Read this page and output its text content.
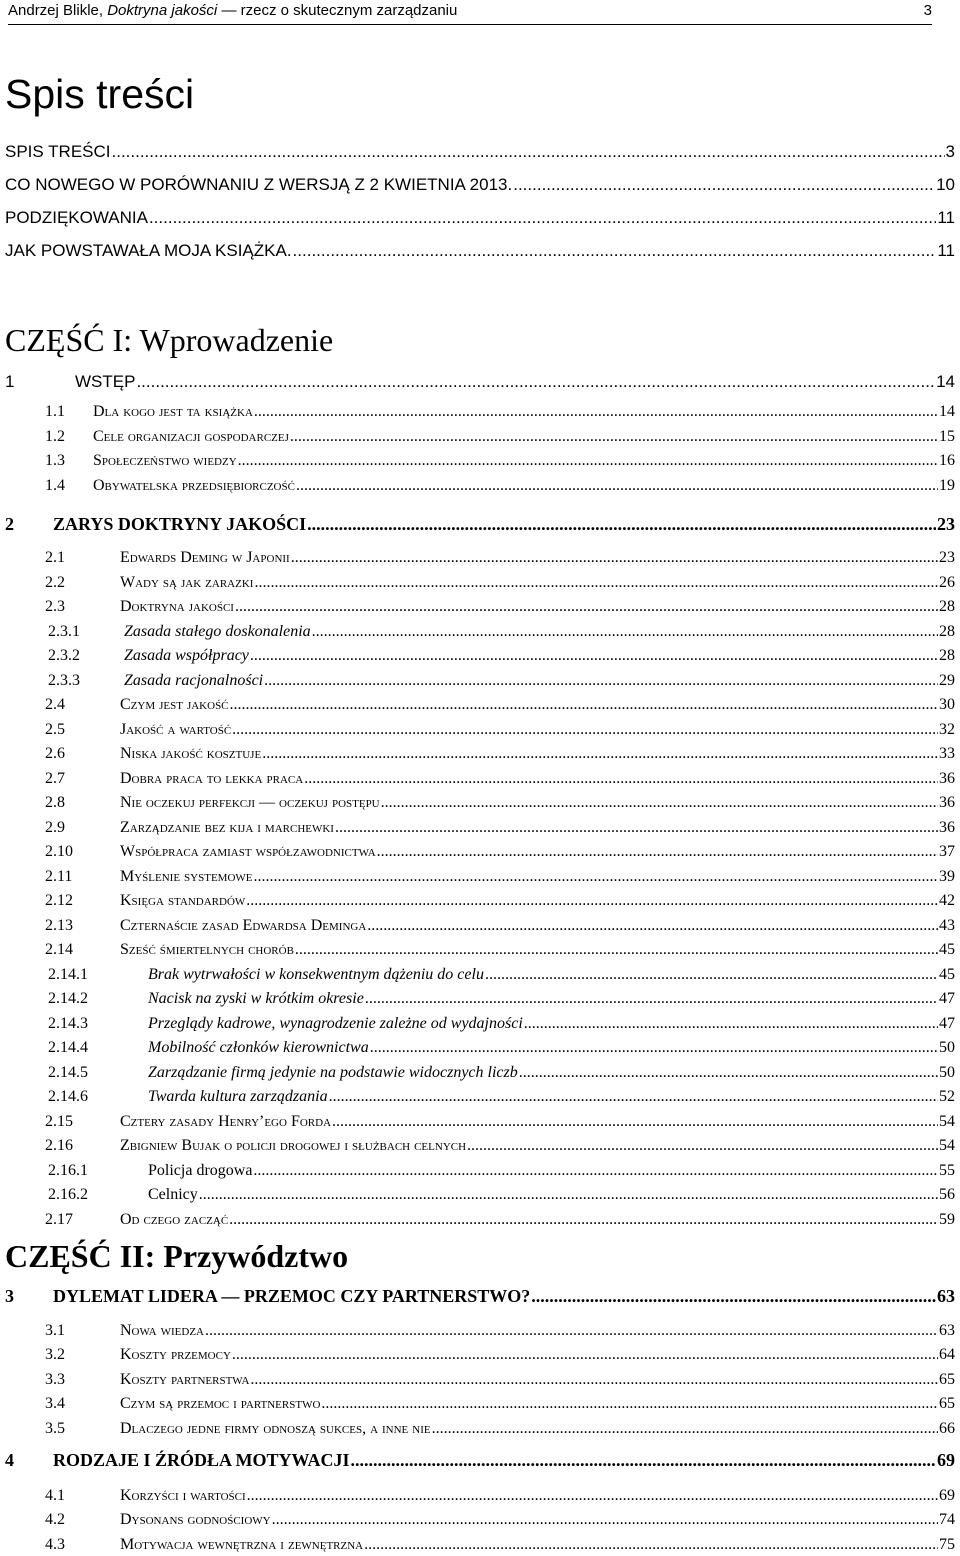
Andrzej Blikle, Doktryna jakości — rzecz o skutecznym zarządzaniu	3
Spis treści
SPIS TREŚCI .....	3
CO NOWEGO W PORÓWNANIU Z WERSJĄ Z 2 KWIETNIA 2013. .....	10
PODZIĘKOWANIA .....	11
JAK POWSTAWAŁA MOJA KSIĄŻKA. .....	11
CZĘŚĆ I: Wprowadzenie
1	WSTĘP .....	14
1.1	Dla kogo jest ta książka .....	14
1.2	Cele organizacji gospodarczej .....	15
1.3	Społeczeństwo wiedzy .....	16
1.4	Obywatelska przedsiębiorczość .....	19
2	ZARYS DOKTRYNY JAKOŚCI .....	23
2.1	Edwards Deming w Japonii .....	23
2.2	Wady są jak zarazki .....	26
2.3	Doktryna jakości .....	28
2.3.1	Zasada stałego doskonalenia .....	28
2.3.2	Zasada współpracy .....	28
2.3.3	Zasada racjonalności .....	29
2.4	Czym jest jakość .....	30
2.5	Jakość a wartość .....	32
2.6	Niska jakość kosztuje .....	33
2.7	Dobra praca to lekka praca .....	36
2.8	Nie oczekuj perfekcji — oczekuj postępu .....	36
2.9	Zarządzanie bez kija i marchewki .....	36
2.10	Współpraca zamiast współzawodnictwa .....	37
2.11	Myślenie systemowe .....	39
2.12	Księga standardów .....	42
2.13	Czternaście zasad Edwardsa Deminga .....	43
2.14	Sześć śmiertelnych chorób .....	45
2.14.1	Brak wytrwałości w konsekwentnym dążeniu do celu .....	45
2.14.2	Nacisk na zyski w krótkim okresie .....	47
2.14.3	Przeglądy kadrowe, wynagrodzenie zależne od wydajności .....	47
2.14.4	Mobilność członków kierownictwa .....	50
2.14.5	Zarządzanie firmą jedynie na podstawie widocznych liczb .....	50
2.14.6	Twarda kultura zarządzania .....	52
2.15	Cztery zasady Henry’ego Forda .....	54
2.16	Zbigniew Bujak o policji drogowej i służbach celnych .....	54
2.16.1	Policja drogowa .....	55
2.16.2	Celnicy .....	56
2.17	Od czego zacząć .....	59
CZĘŚĆ II: Przywództwo
3	DYLEMAT LIDERA — PRZEMOC CZY PARTNERSTWO? .....	63
3.1	Nowa wiedza .....	63
3.2	Koszty przemocy .....	64
3.3	Koszty partnerstwa .....	65
3.4	Czym są przemoc i partnerstwo .....	65
3.5	Dlaczego jedne firmy odnoszą sukces, a inne nie .....	66
4	RODZAJE I ŹRÓDŁA MOTYWACJI .....	69
4.1	Korzyści i wartości .....	69
4.2	Dysonans godnościowy .....	74
4.3	Motywacja wewnętrzna i zewnętrzna .....	75
